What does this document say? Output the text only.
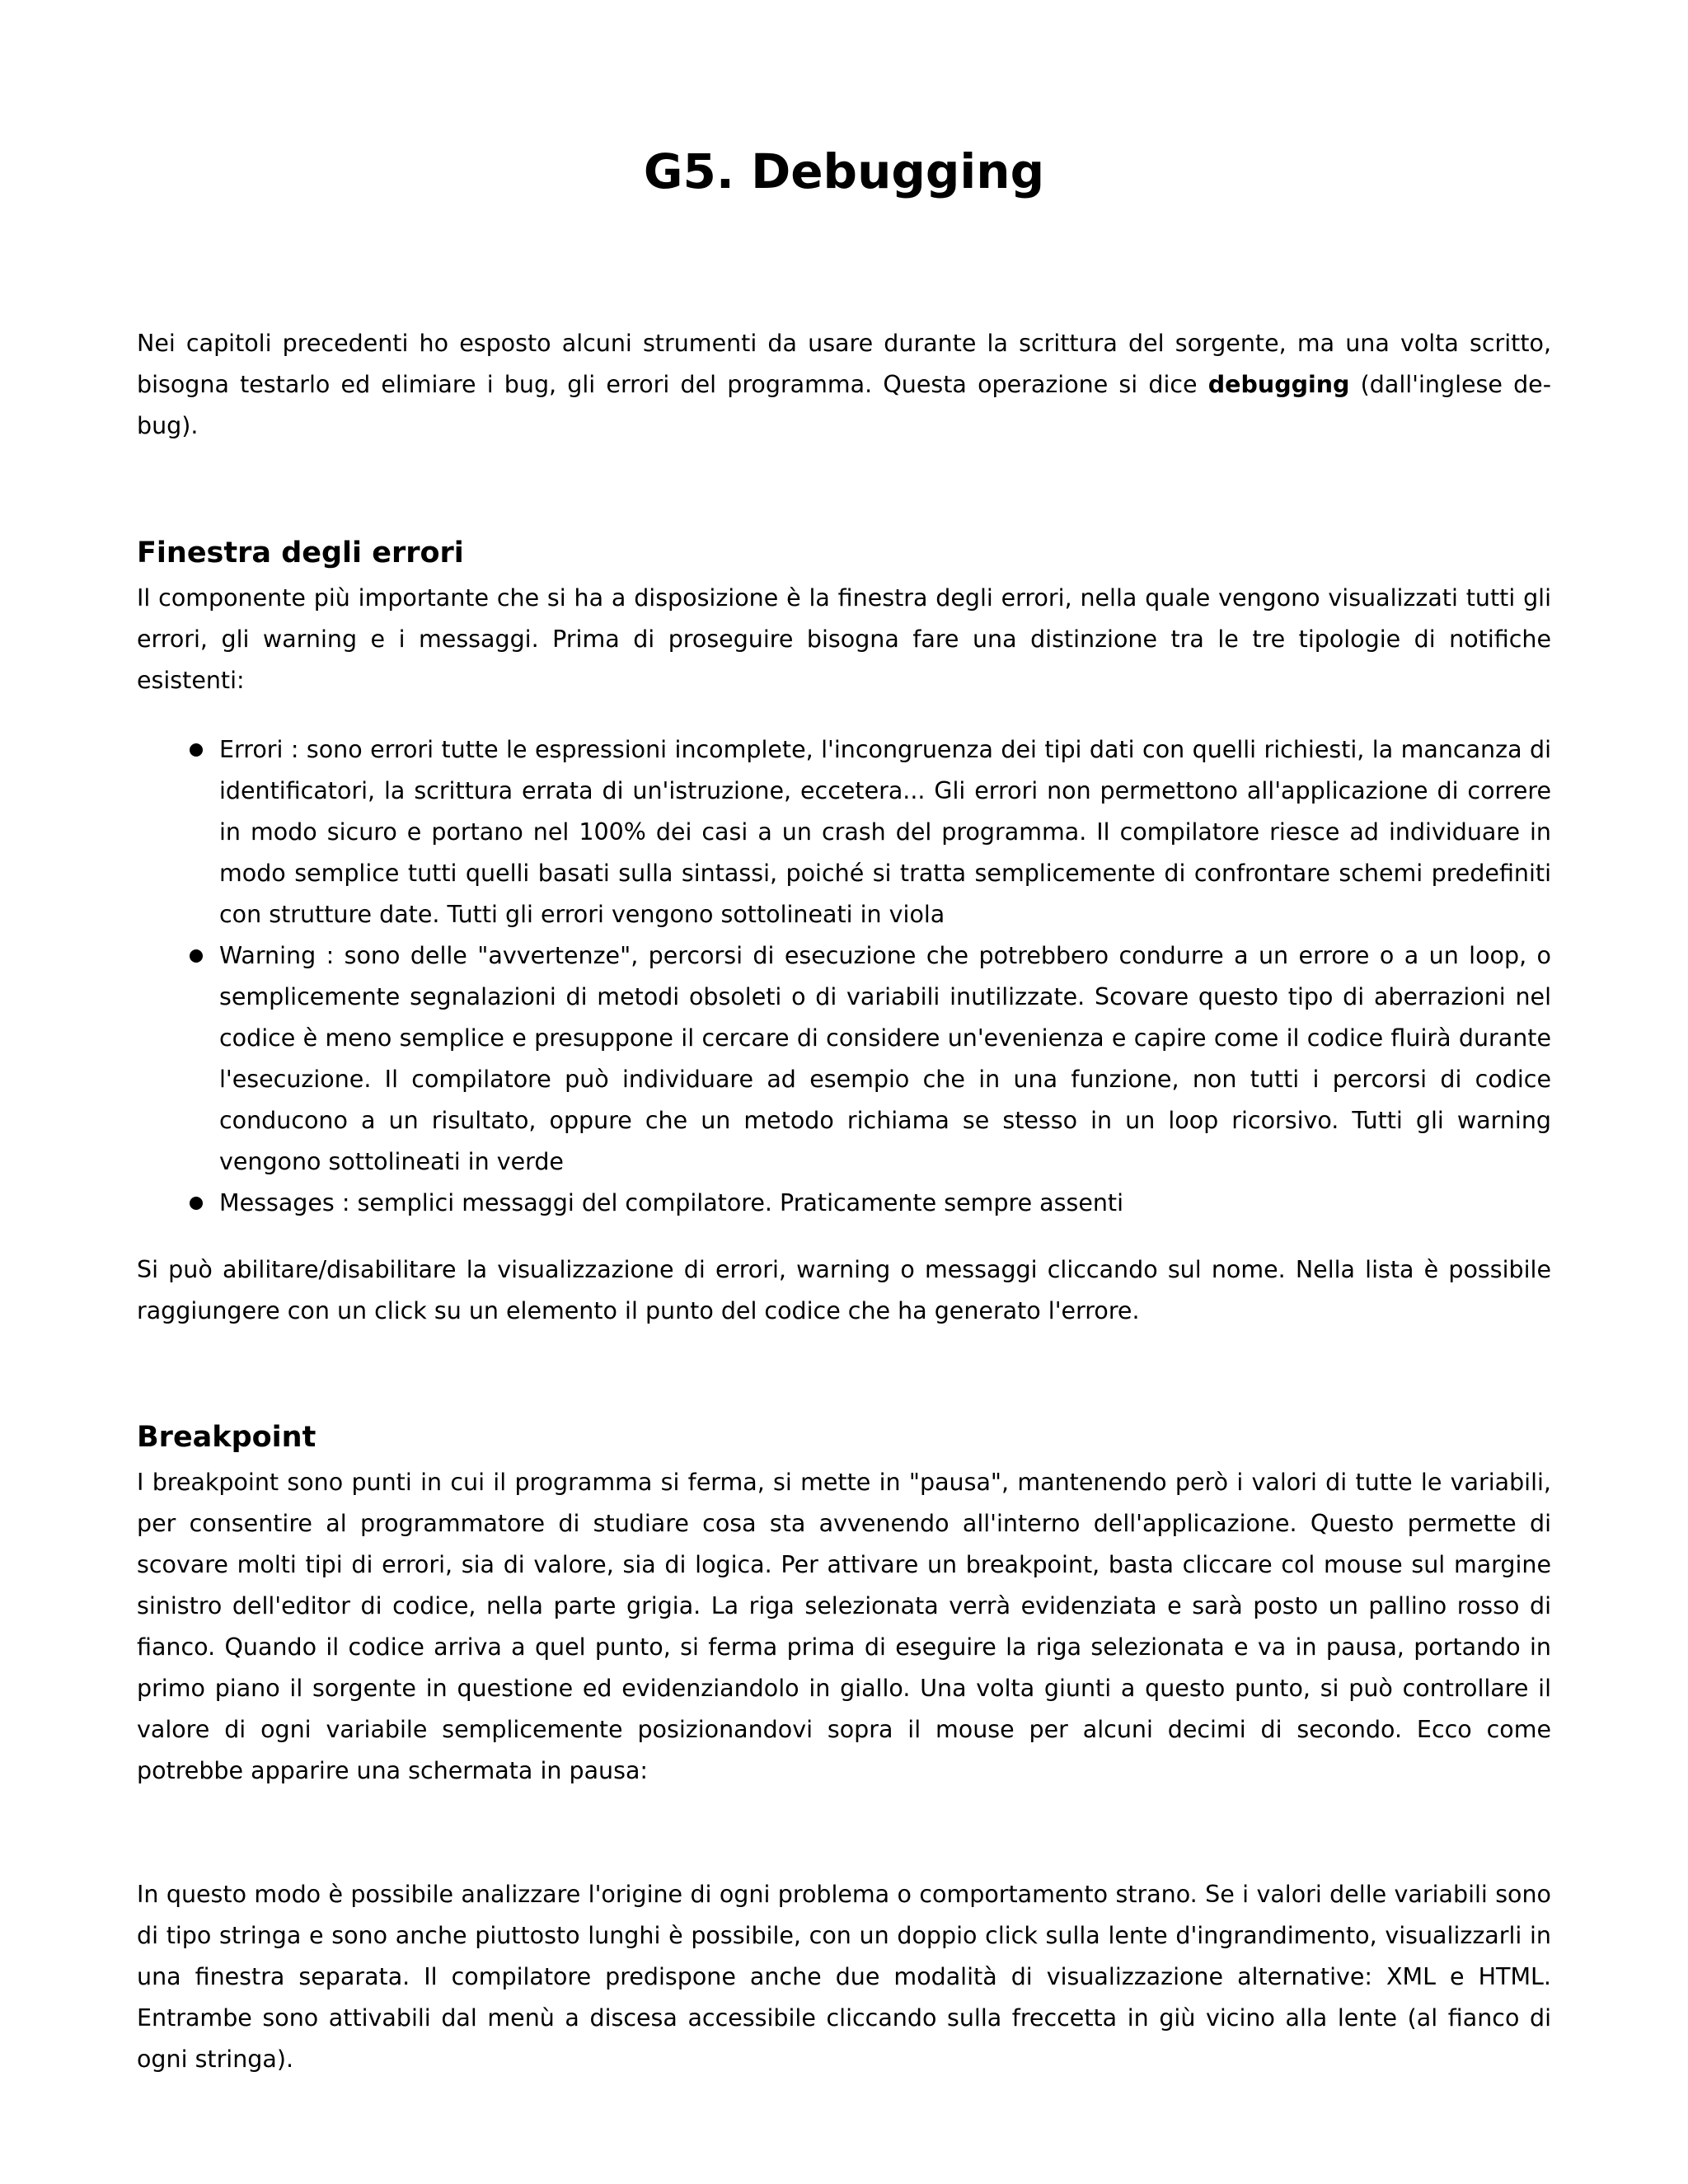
G5. Debugging

Nei capitoli precedenti ho esposto alcuni strumenti da usare durante la scrittura del sorgente, ma una volta scritto, bisogna testarlo ed elimiare i bug, gli errori del programma. Questa operazione si dice debugging (dall'inglese de-bug).

Finestra degli errori

Il componente più importante che si ha a disposizione è la finestra degli errori, nella quale vengono visualizzati tutti gli errori, gli warning e i messaggi. Prima di proseguire bisogna fare una distinzione tra le tre tipologie di notifiche esistenti:

Errori : sono errori tutte le espressioni incomplete, l'incongruenza dei tipi dati con quelli richiesti, la mancanza di identificatori, la scrittura errata di un'istruzione, eccetera... Gli errori non permettono all'applicazione di correre in modo sicuro e portano nel 100% dei casi a un crash del programma. Il compilatore riesce ad individuare in modo semplice tutti quelli basati sulla sintassi, poiché si tratta semplicemente di confrontare schemi predefiniti con strutture date. Tutti gli errori vengono sottolineati in viola
Warning : sono delle "avvertenze", percorsi di esecuzione che potrebbero condurre a un errore o a un loop, o semplicemente segnalazioni di metodi obsoleti o di variabili inutilizzate. Scovare questo tipo di aberrazioni nel codice è meno semplice e presuppone il cercare di considere un'evenienza e capire come il codice fluirà durante l'esecuzione. Il compilatore può individuare ad esempio che in una funzione, non tutti i percorsi di codice conducono a un risultato, oppure che un metodo richiama se stesso in un loop ricorsivo. Tutti gli warning vengono sottolineati in verde
Messages : semplici messaggi del compilatore. Praticamente sempre assenti

Si può abilitare/disabilitare la visualizzazione di errori, warning o messaggi cliccando sul nome. Nella lista è possibile raggiungere con un click su un elemento il punto del codice che ha generato l'errore.

Breakpoint

I breakpoint sono punti in cui il programma si ferma, si mette in "pausa", mantenendo però i valori di tutte le variabili, per consentire al programmatore di studiare cosa sta avvenendo all'interno dell'applicazione. Questo permette di scovare molti tipi di errori, sia di valore, sia di logica. Per attivare un breakpoint, basta cliccare col mouse sul margine sinistro dell'editor di codice, nella parte grigia. La riga selezionata verrà evidenziata e sarà posto un pallino rosso di fianco. Quando il codice arriva a quel punto, si ferma prima di eseguire la riga selezionata e va in pausa, portando in primo piano il sorgente in questione ed evidenziandolo in giallo. Una volta giunti a questo punto, si può controllare il valore di ogni variabile semplicemente posizionandovi sopra il mouse per alcuni decimi di secondo. Ecco come potrebbe apparire una schermata in pausa:

In questo modo è possibile analizzare l'origine di ogni problema o comportamento strano. Se i valori delle variabili sono di tipo stringa e sono anche piuttosto lunghi è possibile, con un doppio click sulla lente d'ingrandimento, visualizzarli in una finestra separata. Il compilatore predispone anche due modalità di visualizzazione alternative: XML e HTML. Entrambe sono attivabili dal menù a discesa accessibile cliccando sulla freccetta in giù vicino alla lente (al fianco di ogni stringa).
